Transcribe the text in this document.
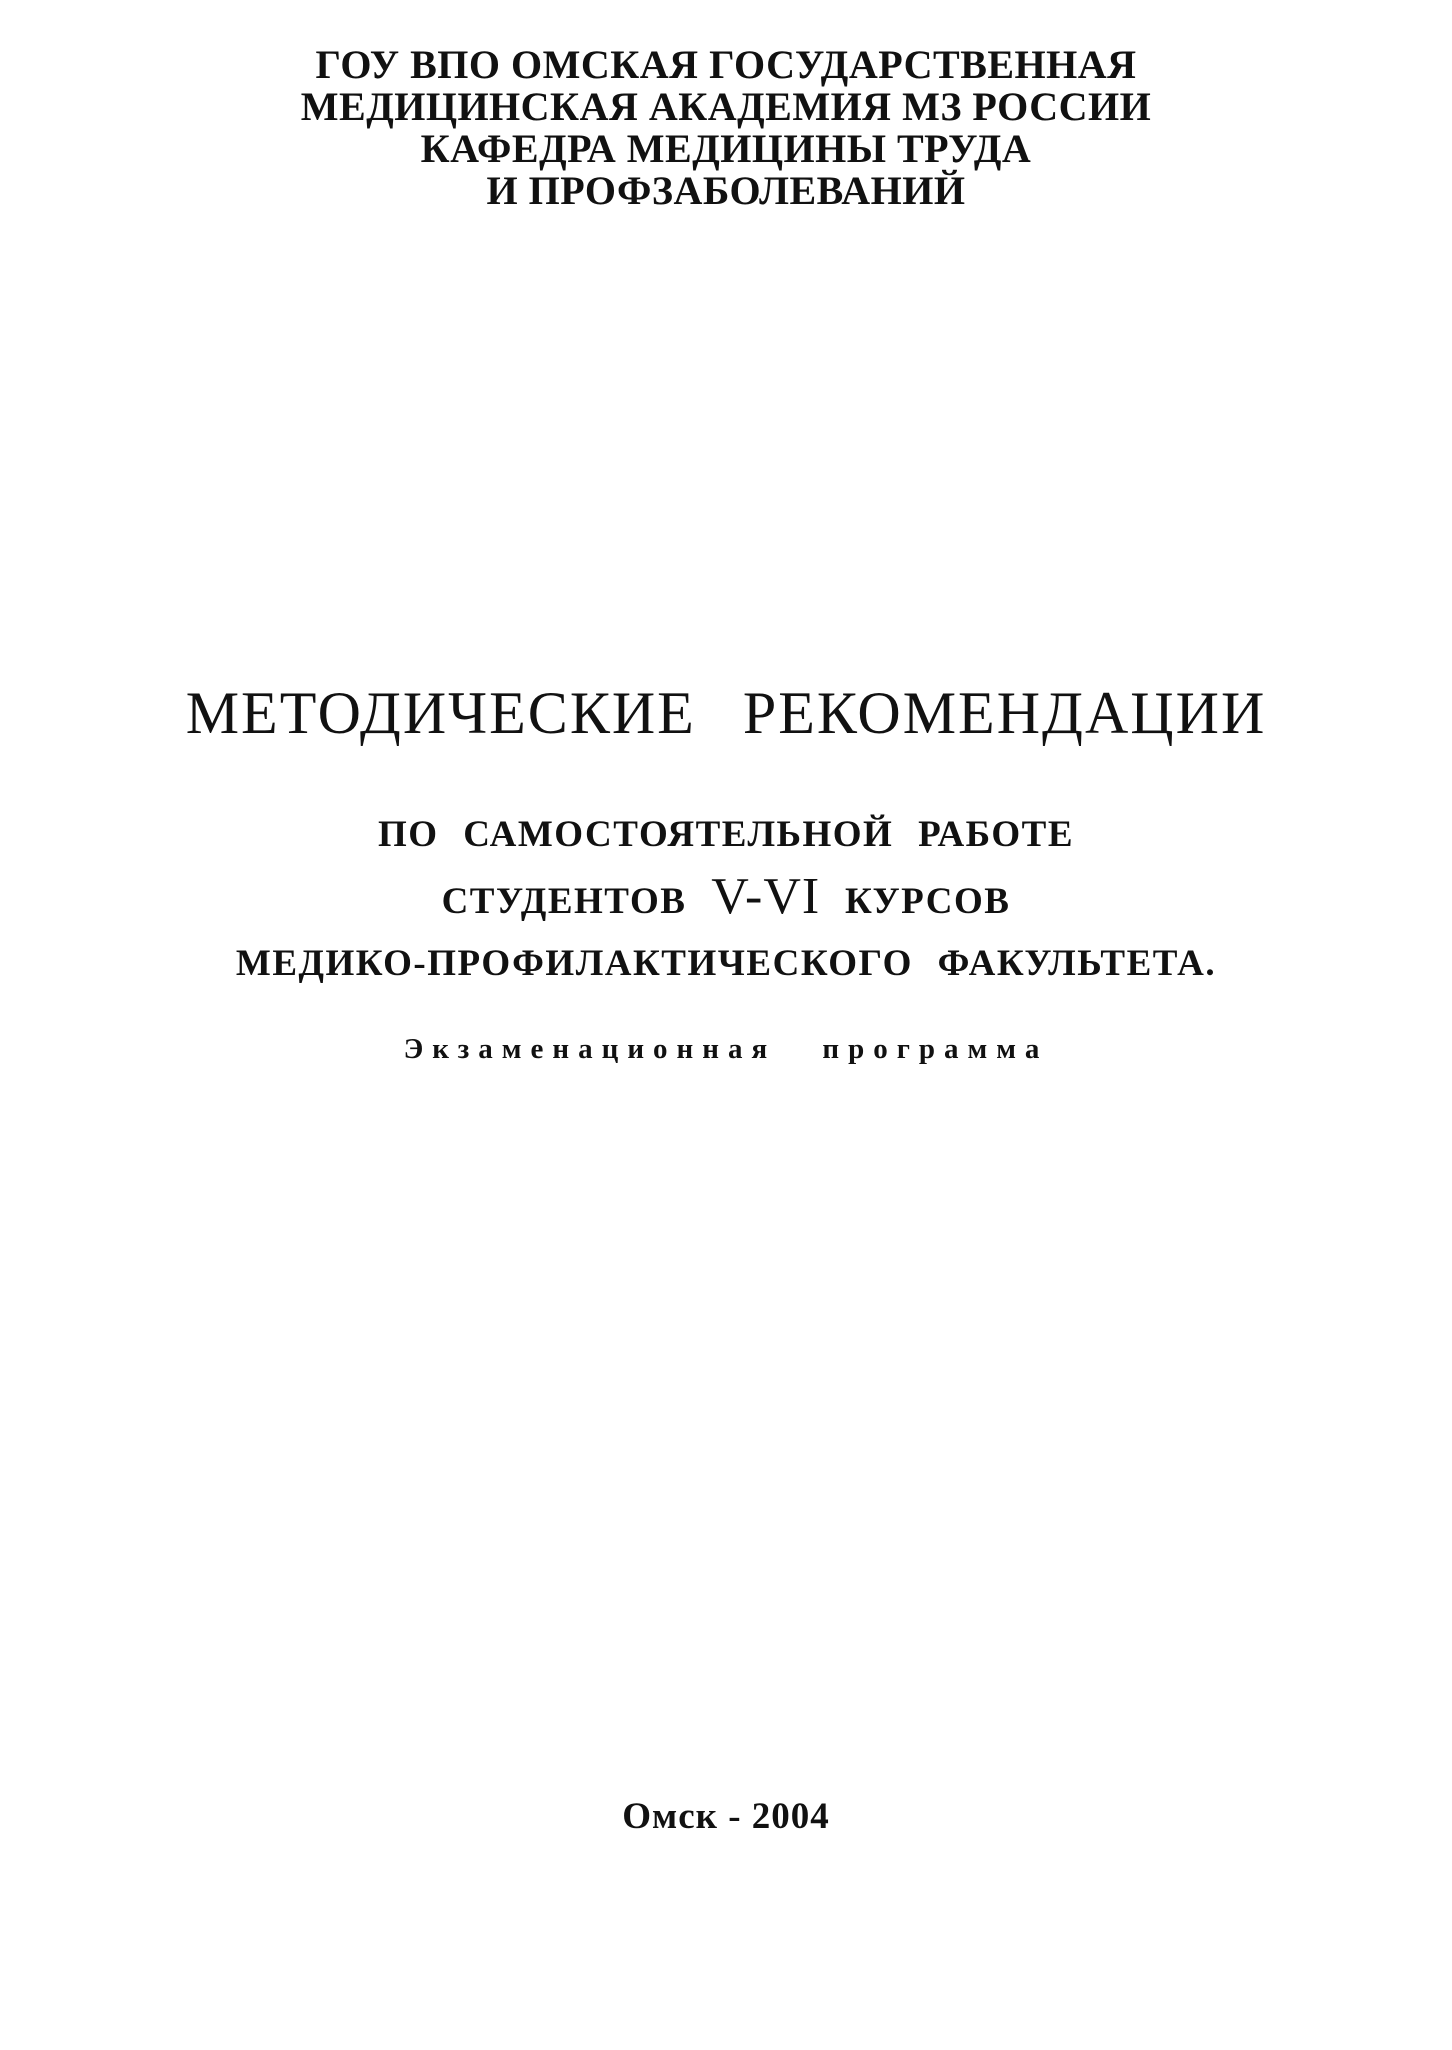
ГОУ ВПО ОМСКАЯ ГОСУДАРСТВЕННАЯ
МЕДИЦИНСКАЯ АКАДЕМИЯ МЗ РОССИИ
КАФЕДРА МЕДИЦИНЫ ТРУДА
И ПРОФЗАБОЛЕВАНИЙ
МЕТОДИЧЕСКИЕ РЕКОМЕНДАЦИИ
ПО САМОСТОЯТЕЛЬНОЙ РАБОТЕ
СТУДЕНТОВ V-VI КУРСОВ
МЕДИКО-ПРОФИЛАКТИЧЕСКОГО ФАКУЛЬТЕТА.
Экзаменационная программа
Омск - 2004
